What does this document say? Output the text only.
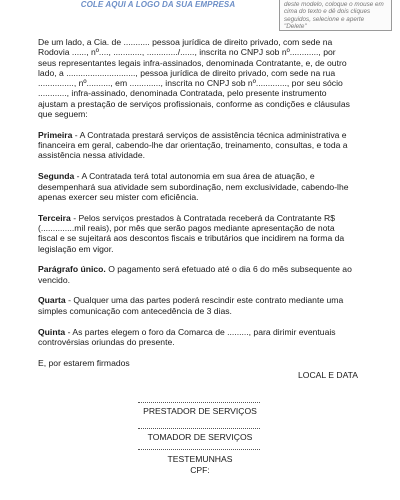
COLE AQUI A LOGO DA SUA EMPRESA	deste modelo, coloque o mouse em cima do texto e dê dois cliques seguidos, selecione e aperte "Delete"

De um lado, a Cia. de ........... pessoa jurídica de direito privado, com sede na Rodovia ......, nº...., ............, ............./......, inscrita no CNPJ sob nº............, por seus representantes legais infra-assinados, denominada Contratante, e, de outro lado, a ............................., pessoa jurídica de direito privado, com sede na rua ..............., nº.........., em ............., inscrita no CNPJ sob nº............., por seu sócio ............, infra-assinado, denominada Contratada, pelo presente instrumento ajustam a prestação de serviços profissionais, conforme as condições e cláusulas que seguem:

Primeira - A Contratada prestará serviços de assistência técnica administrativa e financeira em geral, cabendo-lhe dar orientação, treinamento, consultas, e toda a assistência nessa atividade.

Segunda - A Contratada terá total autonomia em sua área de atuação, e desempenhará sua atividade sem subordinação, nem exclusividade, cabendo-lhe apenas exercer seu mister com eficiência.

Terceira - Pelos serviços prestados à Contratada receberá da Contratante R$ (..............mil reais), por mês que serão pagos mediante apresentação de nota fiscal e se sujeitará aos descontos fiscais e tributários que incidirem na forma da legislação em vigor.

Parágrafo único. O pagamento será efetuado até o dia 6 do mês subsequente ao vencido.

Quarta - Qualquer uma das partes poderá rescindir este contrato mediante uma simples comunicação com antecedência de 3 dias.

Quinta - As partes elegem o foro da Comarca de ........., para dirimir eventuais controvérsias oriundas do presente.

E, por estarem firmados

LOCAL E DATA
PRESTADOR DE SERVIÇOS
TOMADOR DE SERVIÇOS
TESTEMUNHAS
CPF:
